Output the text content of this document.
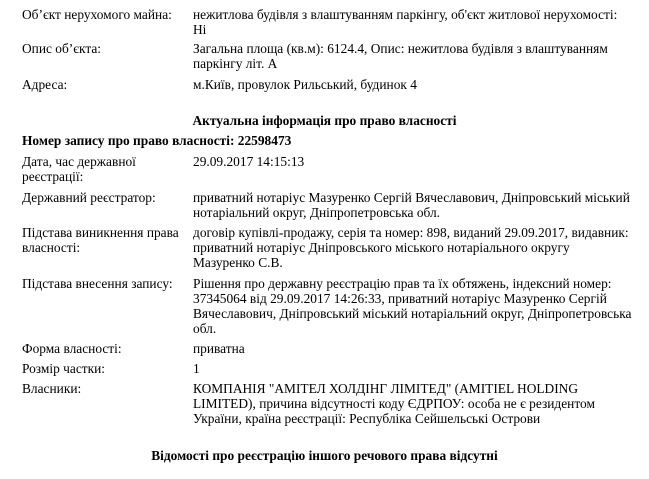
Об’єкт нерухомого майна:	нежитлова будівля з влаштуванням паркінгу, об'єкт житлової нерухомості: Ні
Опис об’єкта:	Загальна площа (кв.м): 6124.4, Опис: нежитлова будівля з влаштуванням паркінгу літ. А
Адреса:	м.Київ, провулок Рильський, будинок 4
Актуальна інформація про право власності
Номер запису про право власності: 22598473
Дата, час державної реєстрації:
29.09.2017 14:15:13
Державний реєстратор:	приватний нотаріус Мазуренко Сергій Вячеславович, Дніпровський міський нотаріальний округ, Дніпропетровська обл.
Підстава виникнення права власності:
договір купівлі-продажу, серія та номер: 898, виданий 29.09.2017, видавник: приватний нотаріус Дніпровського міського нотаріального округу Мазуренко С.В.
Підстава внесення запису:	Рішення про державну реєстрацію прав та їх обтяжень, індексний номер: 37345064 від 29.09.2017 14:26:33, приватний нотаріус Мазуренко Сергій Вячеславович, Дніпровський міський нотаріальний округ, Дніпропетровська обл.
Форма власності:	приватна
Розмір частки:	1
Власники:	КОМПАНІЯ "АМІТЕЛ ХОЛДІНГ ЛІМІТЕД" (AMITIEL HOLDING LIMITED), причина відсутності коду ЄДРПОУ: особа не є резидентом України, країна реєстрації: Республіка Сейшельські Острови
Відомості про реєстрацію іншого речового права відсутні
